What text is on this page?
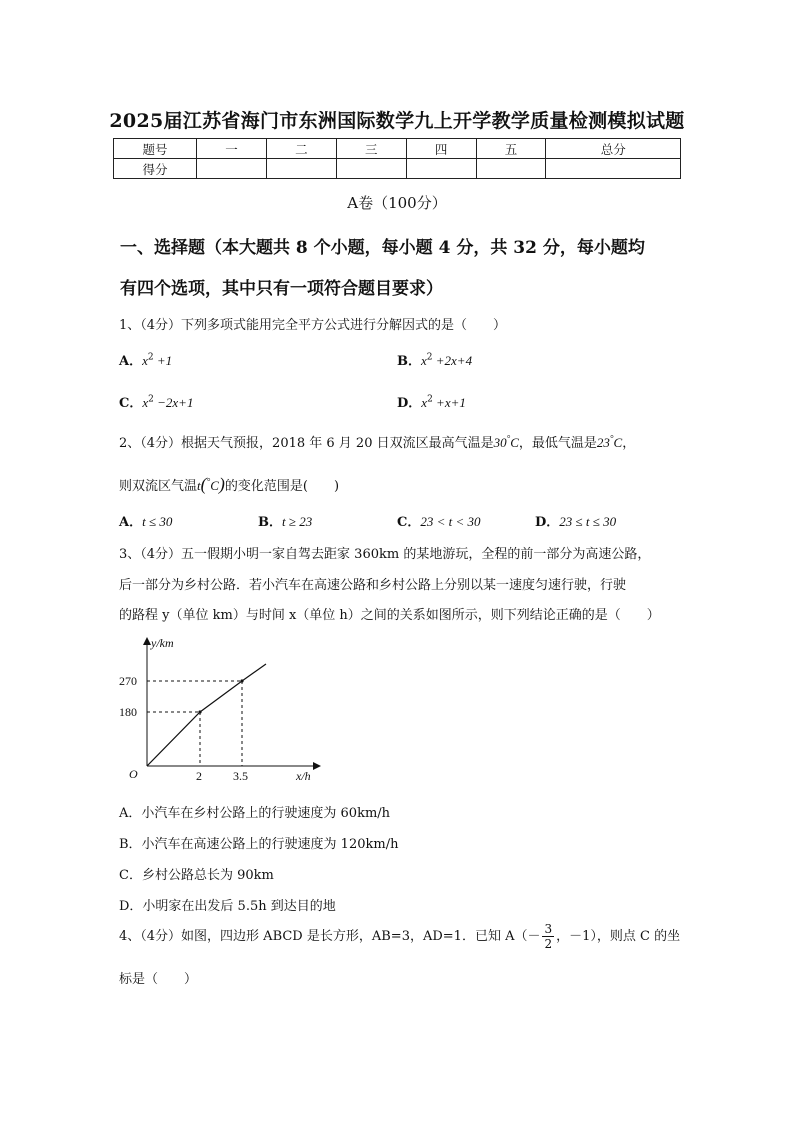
2025届江苏省海门市东洲国际数学九上开学教学质量检测模拟试题
题号	一	二	三	四	五	总分
得分						
A卷（100分）
一、选择题（本大题共 8 个小题，每小题 4 分，共 32 分，每小题均
有四个选项，其中只有一项符合题目要求）
1、（4分）下列多项式能用完全平方公式进行分解因式的是（　　）
A．$x^2 +1$	B．$x^2 +2x+4$
C．$x^2 -2x+1$	D．$x^2 +x+1$
2、（4分）根据天气预报，2018 年 6 月 20 日双流区最高气温是30°C，最低气温是23°C，
则双流区气温t(°C)的变化范围是(　　)
A．t ≤ 30	B．t ≥ 23	C．23 < t < 30	D．23 ≤ t ≤ 30
3、（4分）五一假期小明一家自驾去距家 360km 的某地游玩，全程的前一部分为高速公路，
后一部分为乡村公路．若小汽车在高速公路和乡村公路上分别以某一速度匀速行驶，行驶
的路程 y（单位 km）与时间 x（单位 h）之间的关系如图所示，则下列结论正确的是（　　）
y/km
x/h
O
270
180
2	3.5
A．小汽车在乡村公路上的行驶速度为 60km/h
B．小汽车在高速公路上的行驶速度为 120km/h
C．乡村公路总长为 90km
D．小明家在出发后 5.5h 到达目的地
4、（4分）如图，四边形 ABCD 是长方形，AB=3，AD=1．已知 $A(- \frac{3}{2}$ ，－1），则点 C 的坐
标是（　　）
